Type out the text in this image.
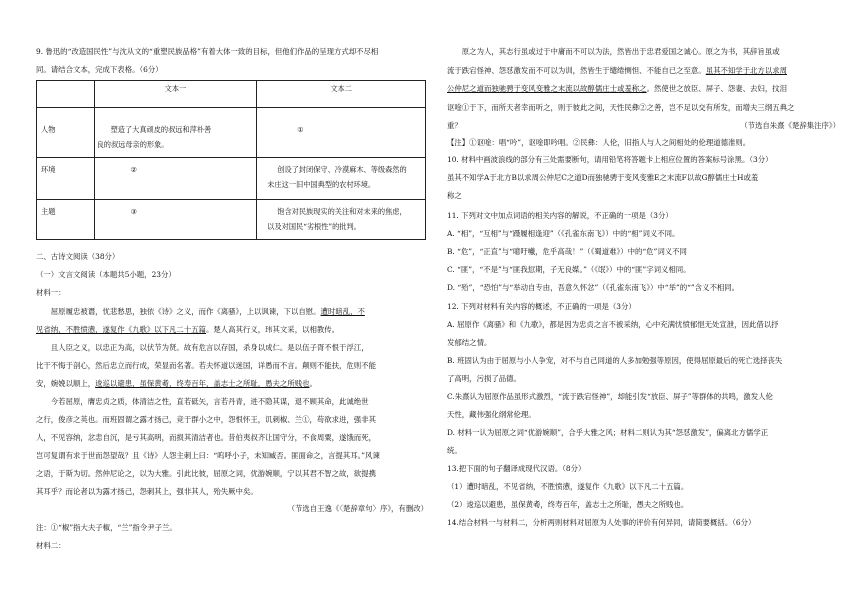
9. 鲁迅的“改造国民性”与沈从文的“重塑民族品格”有着大体一致的目标，但他们作品的呈现方式却不尽相
同。请结合文本，完成下表格。（6分）
	文本一	文本二
人物	塑造了大真顽皮的叔远和萍朴善
良的叔远母亲的形象。	①

环境	②	创设了封闭保守、冷漠麻木、等级森然的
未庄这一旧中国典型的农村环境。

主题	③	饱含对民族现实的关注和对未来的焦虑，
以及对国民“劣根性”的批判。
二、古诗文阅读（38分）
（一）文言文阅读（本题共5小题，23分）
材料一：
　　屈原履忠被谮，忧悲愁思，独依《诗》之义，而作《离骚》，上以讽谏，下以自慰。遭时暗乱，不
见省纳，不胜愤懑，遂复作《九歌》以下凡二十五篇。楚人高其行义，玮其文采，以相教传。
　　且人臣之义，以忠正为高，以伏节为贤。故有危言以存国，杀身以成仁。是以伍子胥不恨于浮江，
比干不悔于剖心，然后忠立而行成，荣显而名著。若夫怀道以迷国，详愚而不言。颠则不能扶，危则不能
安，婉娩以顺上，逡巡以避患，虽保黄耇，终寿百年，盖志士之所耻，愚夫之所贱也。
　　今若屈原，膺忠贞之质，体清洁之性，直若砥矢，言若丹青，进不隐其谋，退不顾其命，此诚绝世
之行，俊彦之英也。而班固谓之露才扬己，竞于群小之中，怨恨怀王，讥刺椒、兰①，苟欲求进，强非其
人，不见容纳，忿恚自沉，是亏其高明，而损其清洁者也。昔伯夷叔齐让国守分，不食周粟，遂饿而死，
岂可复谓有求于世而怨望哉？且《诗》人怨主刺上曰：“呜呼小子，未知臧否。匪面命之，言提其耳。”风谏
之语，于斯为切。然仲尼论之，以为大雅。引此比彼，屈原之词，优游婉顺，宁以其君不智之故，欲提携
其耳乎？而论者以为露才扬己，怨刺其上，强非其人，殆失厥中矣。
（节选自王逸《〈楚辞章句〉序》，有删改）
注：①“椒”指大夫子椒，“兰”指令尹子兰。
材料二：
　　原之为人，其志行虽或过于中庸而不可以为法，然皆出于忠君爱国之诚心。原之为书，其辞旨虽或
流于跌宕怪神、怨怼激发而不可以为训，然皆生于缱绻恻怛、不能自已之至意。虽其不知学于北方以求周
公仲尼之道而独驰骋于变风变雅之末流以故醇儒庄士或羞称之。然使世之放臣、屏子、怨妻、去妇，抆泪
讴唫①于下，而所天者幸而听之，则于彼此之间，天性民彝②之善，岂不足以交有所发，而增夫三纲五典之
重？	（节选自朱熹《楚辞集注序》）
【注】①讴唫：唱“吟”，讴唫即吟唱。②民彝：人伦，旧指人与人之间相处的伦理道德准则。
10. 材料中画波浪线的部分有三处需要断句，请用铅笔将答题卡上相应位置的答案标号涂黑。（3分）
虽其不知学A于北方B以求周公仲尼C之道D而独驰骋于变风变雅E之末流F以故G醇儒庄士H或羞
称之
11. 下列对文中加点词语的相关内容的解说，不正确的一项是（3分）
A. “相”，“互相”与“蹑履相逢迎”（《孔雀东南飞》）中的“相”词义不同。
B. “危”，“正直”与“噫吁嚱，危乎高哉！”（《蜀道难》）中的“危”词义不同
C. “匪”，“不是”与“匪我愆期，子无良媒。”（《氓》）中的“匪”字词义相同。
D. “殆”，“恐怕”与“举动自专由，吾意久怀忿”（《孔雀东南飞》）中“举”的“”含义不相同。
12. 下列对材料有关内容的概述，不正确的一项是（3分）
A. 屈原作《离骚》和《九歌》，都是因为忠贞之言不被采纳，心中充满忧愤郁悒无处宣泄，因此借以抒
发郁结之情。
B. 班固认为由于屈原与小人争宠，对不与自己同道的人多加勉强等原因，使得屈原最后的死亡选择丧失
了高明，污损了品德。
C.朱熹认为屈原作品虽形式激烈，“流于跌宕怪神”，却能引发“放臣、屏子”等群体的共鸣，激发人伦
天性，藏伟强化纲常伦理。
D. 材料一认为屈原之词“优游婉顺”，合乎大雅之风；材料二则认为其“怨怼激发”，偏离北方儒学正
统。
13.把下面的句子翻译成现代汉语。（8分）
（1）遭时暗乱，不见省纳，不胜愤懑，遂复作《九歌》以下凡二十五篇。
（2）逡巡以避患，虽保黄耇，终寿百年，盖志士之所耻，愚夫之所贱也。
14.结合材料一与材料二，分析两则材料对屈原为人处事的评价有何异同，请简要概括。（6分）
